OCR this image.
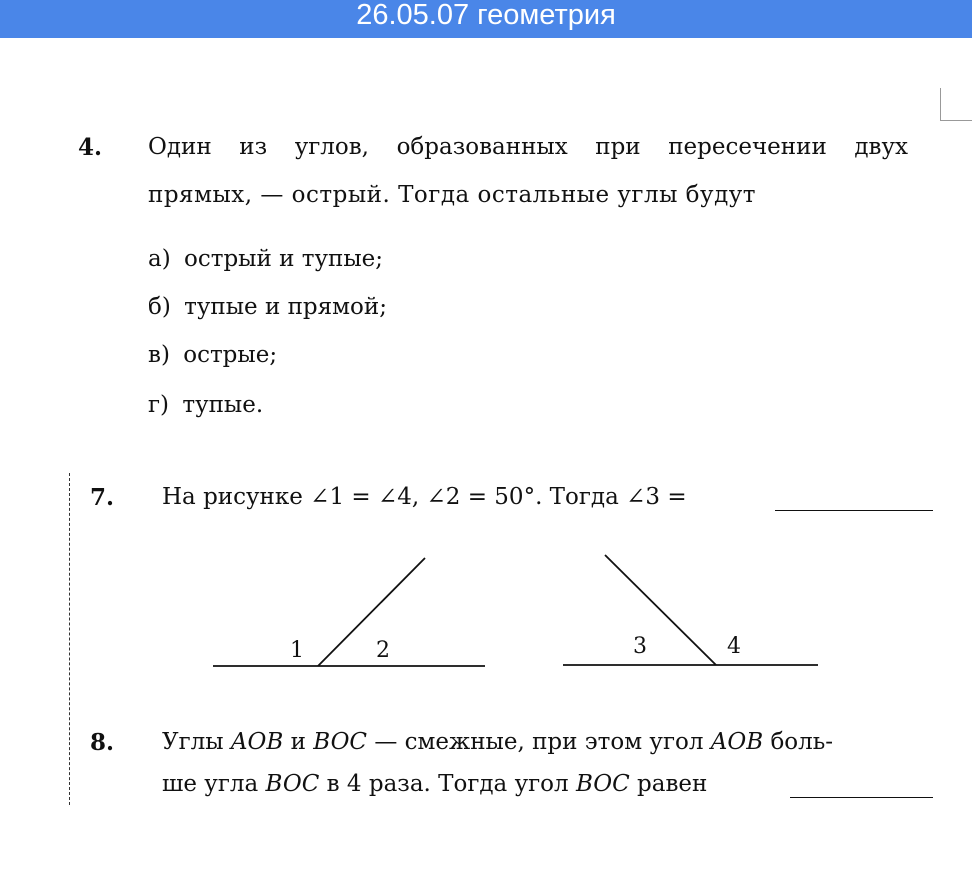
26.05.07 геометрия
4. Один из углов, образованных при пересечении двух
прямых, — острый. Тогда остальные углы будут
а) острый и тупые;
б) тупые и прямой;
в) острые;
г) тупые.
7. На рисунке ∠1 = ∠4, ∠2 = 50°. Тогда ∠3 =
1	2	3	4
8. Углы AOB и BOC — смежные, при этом угол AOB боль-
ше угла BOC в 4 раза. Тогда угол BOC равен
